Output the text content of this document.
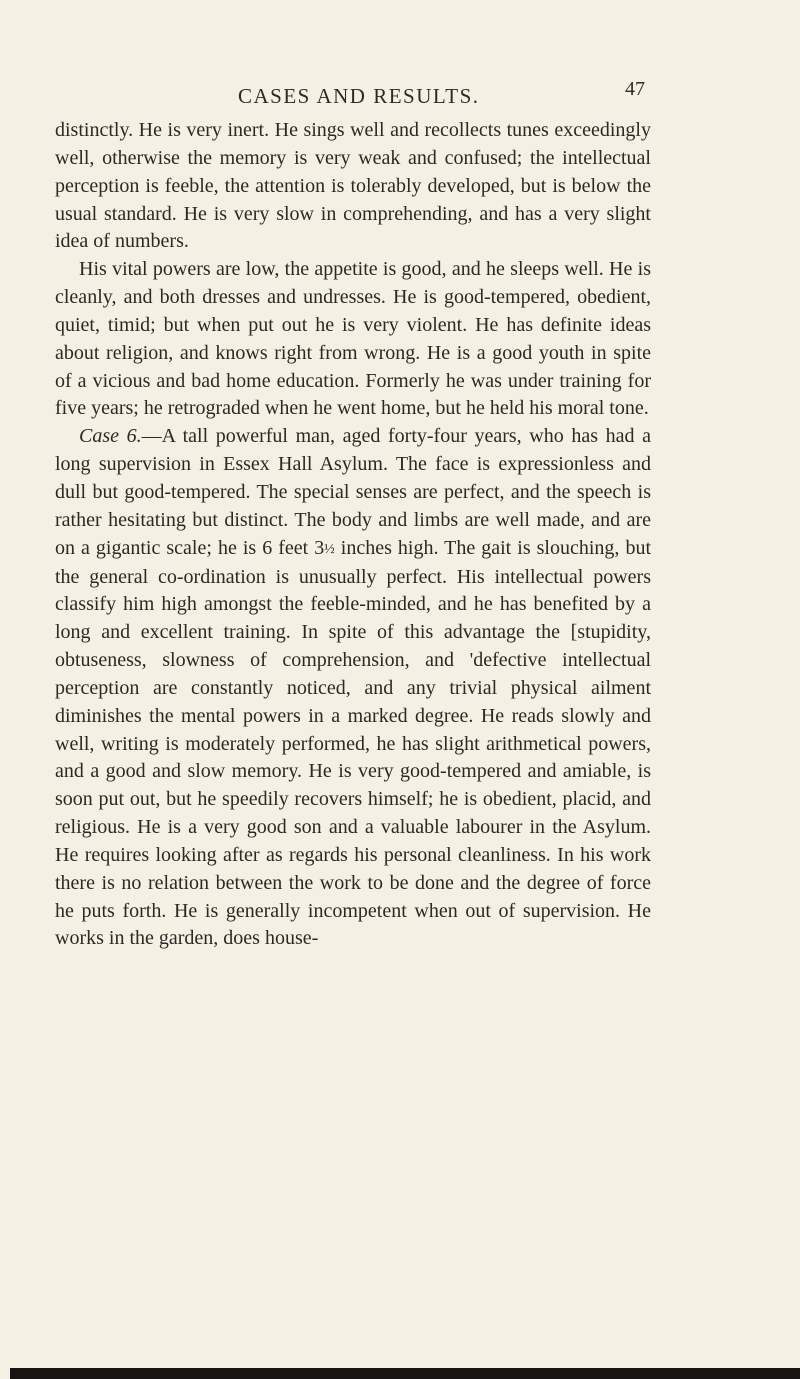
CASES AND RESULTS.	47

distinctly. He is very inert. He sings well and recollects tunes exceedingly well, otherwise the memory is very weak and confused; the intellectual perception is feeble, the attention is tolerably developed, but is below the usual standard. He is very slow in comprehending, and has a very slight idea of numbers.

His vital powers are low, the appetite is good, and he sleeps well. He is cleanly, and both dresses and undresses. He is good-tempered, obedient, quiet, timid; but when put out he is very violent. He has definite ideas about religion, and knows right from wrong. He is a good youth in spite of a vicious and bad home education. Formerly he was under training for five years; he retrograded when he went home, but he held his moral tone.

Case 6.—A tall powerful man, aged forty-four years, who has had a long supervision in Essex Hall Asylum. The face is expressionless and dull but good-tempered. The special senses are perfect, and the speech is rather hesitating but distinct. The body and limbs are well made, and are on a gigantic scale; he is 6 feet 3½ inches high. The gait is slouching, but the general co-ordination is unusually perfect. His intellectual powers classify him high amongst the feeble-minded, and he has benefited by a long and excellent training. In spite of this advantage the [stupidity, obtuseness, slowness of comprehension, and 'defective intellectual perception are constantly noticed, and any trivial physical ailment diminishes the mental powers in a marked degree. He reads slowly and well, writing is moderately performed, he has slight arithmetical powers, and a good and slow memory. He is very good-tempered and amiable, is soon put out, but he speedily recovers himself; he is obedient, placid, and religious. He is a very good son and a valuable labourer in the Asylum. He requires looking after as regards his personal cleanliness. In his work there is no relation between the work to be done and the degree of force he puts forth. He is generally incompetent when out of supervision. He works in the garden, does house-
